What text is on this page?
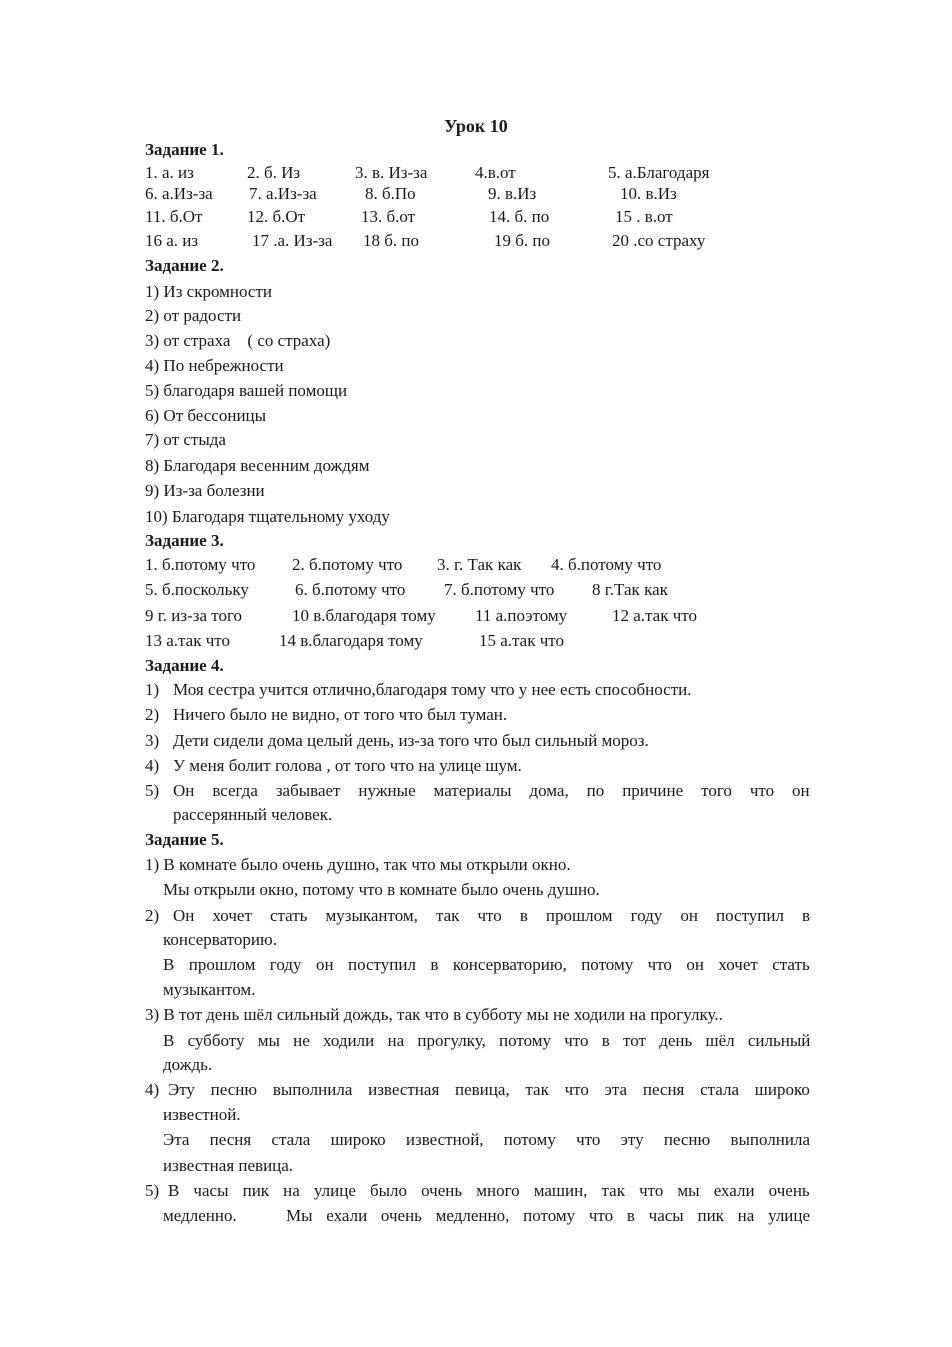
Урок 10
Задание 1.
1. а. из	2. б. Из	3. в. Из-за	4.в.от	5. а.Благодаря
6. а.Из-за 7. а.Из-за	8. б.По	9. в.Из	10. в.Из
11. б.От	12. б.От	13. б.от	14. б. по	15 . в.от
16 а. из	17 .а. Из-за 18 б. по	19 б. по	20 .со страху
Задание 2.
1) Из скромности
2) от радости
3) от страха    ( со страха)
4) По небрежности
5) благодаря вашей помощи
6) От бессоницы
7) от стыда
8) Благодаря весенним дождям
9) Из-за болезни
10) Благодаря тщательному уходу
Задание 3.
1. б.потому что 2. б.потому что 3. г. Так как 4. б.потому что
5. б.поскольку	6. б.потому что 7. б.потому что 8 г.Так как
9 г. из-за того	10 в.благодаря тому 11 а.поэтому	12 а.так что
13 а.так что	14 в.благодаря тому	15 а.так что
Задание 4.
1) Моя сестра учится отлично,благодаря тому что у нее есть способности.
2) Ничего было не видно, от того что был туман.
3) Дети сидели дома целый день, из-за того что был сильный мороз.
4) У меня болит голова , от того что на улице шум.
5) Он всегда забывает нужные материалы дома, по причине того что он
рассерянный человек.
Задание 5.
1) В комнате было очень душно, так что мы открыли окно.
Мы открыли окно, потому что в комнате было очень душно.
2) Он хочет стать музыкантом, так что в прошлом году он поступил в
консерваторию.
В прошлом году он поступил в консерваторию, потому что он хочет стать
музыкантом.
3) В тот день шёл сильный дождь, так что в субботу мы не ходили на прогулку..
В субботу мы не ходили на прогулку, потому что в тот день шёл сильный
дождь.
4) Эту песню выполнила известная певица, так что эта песня стала широко
известной.
Эта песня стала широко известной, потому что эту песню выполнила
известная певица.
5) В часы пик на улице было очень много машин, так что мы ехали очень
медленно.	Мы ехали очень медленно, потому что в часы пик на улице
